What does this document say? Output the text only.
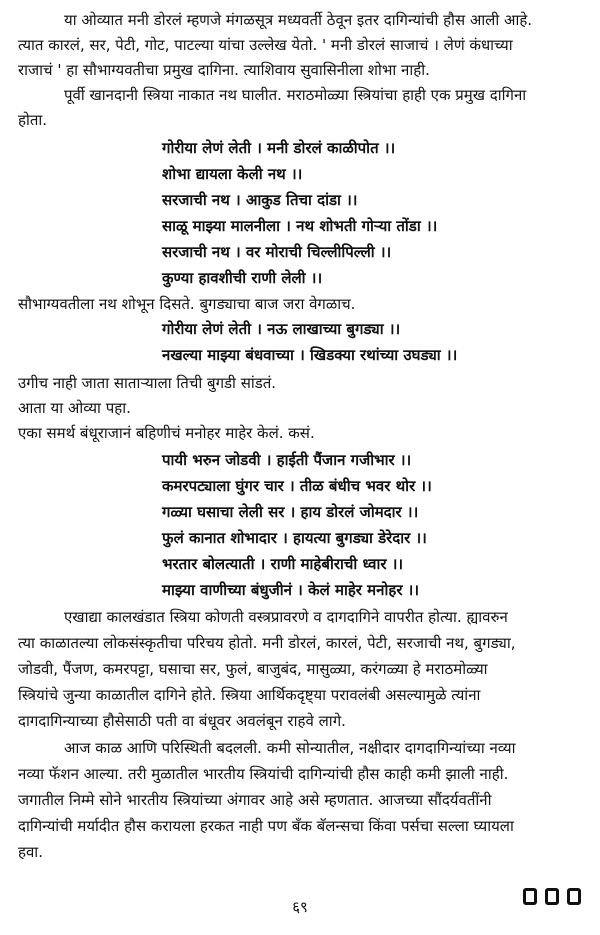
या ओव्यात मनी डोरलं म्हणजे मंगळसूत्र मध्यवर्ती ठेवून इतर दागिन्यांची हौस आली आहे.
त्यात कारलं, सर, पेटी, गोट, पाटल्या यांचा उल्लेख येतो. ' मनी डोरलं साजाचं । लेणं कंधाच्या
राजाचं ' हा सौभाग्यवतीचा प्रमुख दागिना. त्याशिवाय सुवासिनीला शोभा नाही.
पूर्वी खानदानी स्त्रिया नाकात नथ घालीत. मराठमोळ्या स्त्रियांचा हाही एक प्रमुख दागिना
होता.
गोरीया लेणं लेती । मनी डोरलं काळीपोत ।।
शोभा द्यायला केली नथ ।।
सरजाची नथ । आकुड तिचा दांडा ।।
साळू माझ्या मालनीला । नथ शोभती गोऱ्या तोंडा ।।
सरजाची नथ । वर मोराची चिल्लीपिल्ली ।।
कुण्या हावशीची राणी लेली ।।
सौभाग्यवतीला नथ शोभून दिसते. बुगड्याचा बाज जरा वेगळाच.
गोरीया लेणं लेती । नऊ लाखाच्या बुगड्या ।।
नखल्या माझ्या बंधवाच्या । खिडक्या रथांच्या उघड्या ।।
उगीच नाही जाता साताऱ्याला तिची बुगडी सांडतं.
आता या ओव्या पहा.
एका समर्थ बंधूराजानं बहिणीचं मनोहर माहेर केलं. कसं.
पायी भरुन जोडवी । हाईती पैंजान गजीभार ।।
कमरपट्याला घुंगर चार । तीळ बंधीच भवर थोर ।।
गळ्या घसाचा लेली सर । हाय डोरलं जोमदार ।।
फुलं कानात शोभादार । हायत्या बुगड्या डेरेदार ।।
भरतार बोलत्याती । राणी माहेबीराची ध्वार ।।
माझ्या वाणीच्या बंधुजीनं । केलं माहेर मनोहर ।।
एखाद्या कालखंडात स्त्रिया कोणती वस्त्रप्रावरणे व दागदागिने वापरीत होत्या. ह्यावरुन
त्या काळातल्या लोकसंस्कृतीचा परिचय होतो. मनी डोरलं, कारलं, पेटी, सरजाची नथ, बुगड्या,
जोडवी, पैंजण, कमरपट्टा, घसाचा सर, फुलं, बाजुबंद, मासुळ्या, करंगळ्या हे मराठमोळ्या
स्त्रियांचे जुन्या काळातील दागिने होते. स्त्रिया आर्थिकदृष्ट्या परावलंबी असल्यामुळे त्यांना
दागदागिन्याच्या हौसेसाठी पती वा बंधूवर अवलंबून राहवे लागे.
आज काळ आणि परिस्थिती बदलली. कमी सोन्यातील, नक्षीदार दागदागिन्यांच्या नव्या
नव्या फॅशन आल्या. तरी मुळातील भारतीय स्त्रियांची दागिन्यांची हौस काही कमी झाली नाही.
जगातील निम्मे सोने भारतीय स्त्रियांच्या अंगावर आहे असे म्हणतात. आजच्या सौंदर्यवतींनी
दागिन्यांची मर्यादीत हौस करायला हरकत नाही पण बँक बॅलन्सचा किंवा पर्सचा सल्ला घ्यायला
हवा.
६९
